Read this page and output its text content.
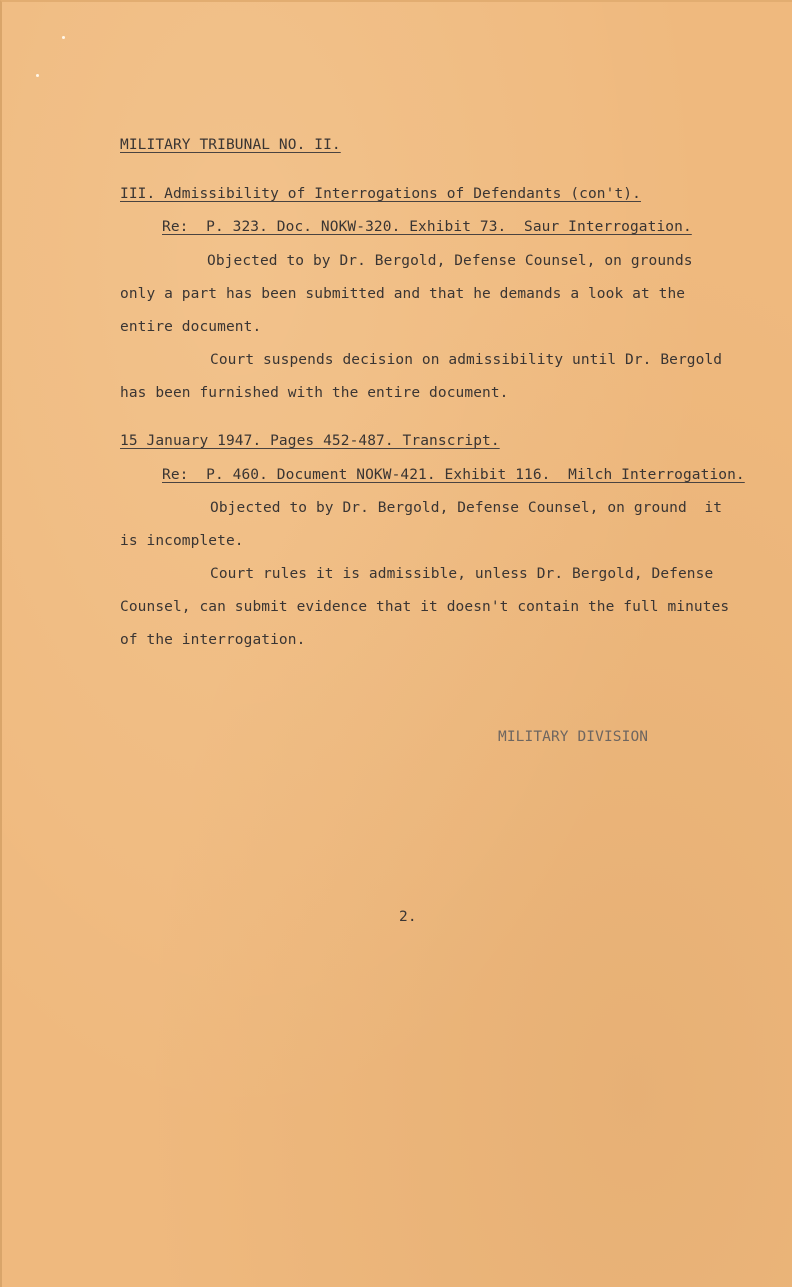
MILITARY TRIBUNAL NO. II.

III. Admissibility of Interrogations of Defendants (con't).

Re:  P. 323. Doc. NOKW-320. Exhibit 73.  Saur Interrogation.

Objected to by Dr. Bergold, Defense Counsel, on grounds

only a part has been submitted and that he demands a look at the

entire document.

Court suspends decision on admissibility until Dr. Bergold

has been furnished with the entire document.

15 January 1947. Pages 452-487. Transcript.

Re:  P. 460. Document NOKW-421. Exhibit 116.  Milch Interrogation.

Objected to by Dr. Bergold, Defense Counsel, on ground  it

is incomplete.

Court rules it is admissible, unless Dr. Bergold, Defense

Counsel, can submit evidence that it doesn't contain the full minutes

of the interrogation.

MILITARY DIVISION

2.
